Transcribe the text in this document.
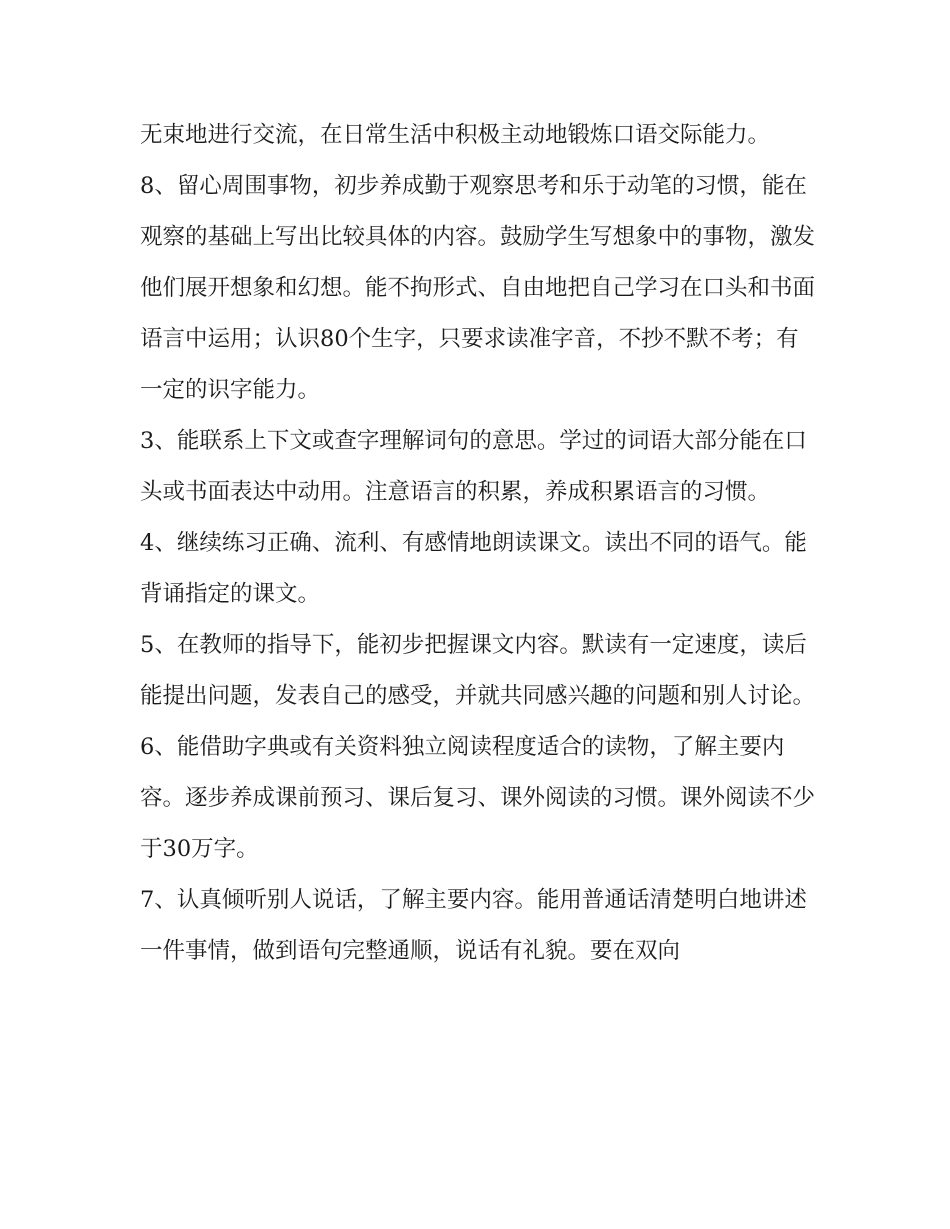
无束地进行交流，在日常生活中积极主动地锻炼口语交际能力。

8、留心周围事物，初步养成勤于观察思考和乐于动笔的习惯，能在观察的基础上写出比较具体的内容。鼓励学生写想象中的事物，激发他们展开想象和幻想。能不拘形式、自由地把自己学习在口头和书面语言中运用；认识80个生字，只要求读准字音，不抄不默不考；有一定的识字能力。

3、能联系上下文或查字理解词句的意思。学过的词语大部分能在口头或书面表达中动用。注意语言的积累，养成积累语言的习惯。

4、继续练习正确、流利、有感情地朗读课文。读出不同的语气。能背诵指定的课文。

5、在教师的指导下，能初步把握课文内容。默读有一定速度，读后能提出问题，发表自己的感受，并就共同感兴趣的问题和别人讨论。

6、能借助字典或有关资料独立阅读程度适合的读物，了解主要内容。逐步养成课前预习、课后复习、课外阅读的习惯。课外阅读不少于30万字。

7、认真倾听别人说话，了解主要内容。能用普通话清楚明白地讲述一件事情，做到语句完整通顺，说话有礼貌。要在双向
